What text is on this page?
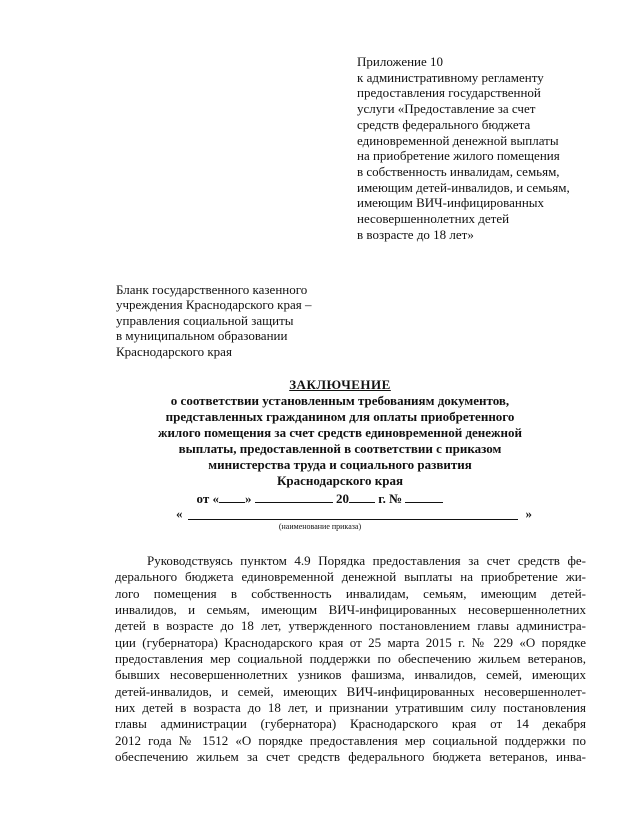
Приложение 10
к административному регламенту
предоставления государственной
услуги «Предоставление за счет
средств федерального бюджета
единовременной денежной выплаты
на приобретение жилого помещения
в собственность инвалидам, семьям,
имеющим детей-инвалидов, и семьям,
имеющим ВИЧ-инфицированных
несовершеннолетних детей
в возрасте до 18 лет»
Бланк государственного казенного
учреждения Краснодарского края –
управления социальной защиты
в муниципальном образовании
Краснодарского края
ЗАКЛЮЧЕНИЕ
о соответствии установленным требованиям документов,
представленных гражданином для оплаты приобретенного
жилого помещения за счет средств единовременной денежной
выплаты, предоставленной в соответствии с приказом
министерства труда и социального развития
Краснодарского края
от « »	20 г. №
«	»
(наименование приказа)
Руководствуясь пунктом 4.9 Порядка предоставления за счет средств фе-
дерального бюджета единовременной денежной выплаты на приобретение жи-
лого помещения в собственность инвалидам, семьям, имеющим детей-
инвалидов, и семьям, имеющим ВИЧ-инфицированных несовершеннолетних
детей в возрасте до 18 лет, утвержденного постановлением главы администра-
ции (губернатора) Краснодарского края от 25 марта 2015 г. № 229 «О порядке
предоставления мер социальной поддержки по обеспечению жильем ветеранов,
бывших несовершеннолетних узников фашизма, инвалидов, семей, имеющих
детей-инвалидов, и семей, имеющих ВИЧ-инфицированных несовершеннолет-
них детей в возраста до 18 лет, и признании утратившим силу постановления
главы администрации (губернатора) Краснодарского края от 14 декабря
2012 года № 1512 «О порядке предоставления мер социальной поддержки по
обеспечению жильем за счет средств федерального бюджета ветеранов, инва-
